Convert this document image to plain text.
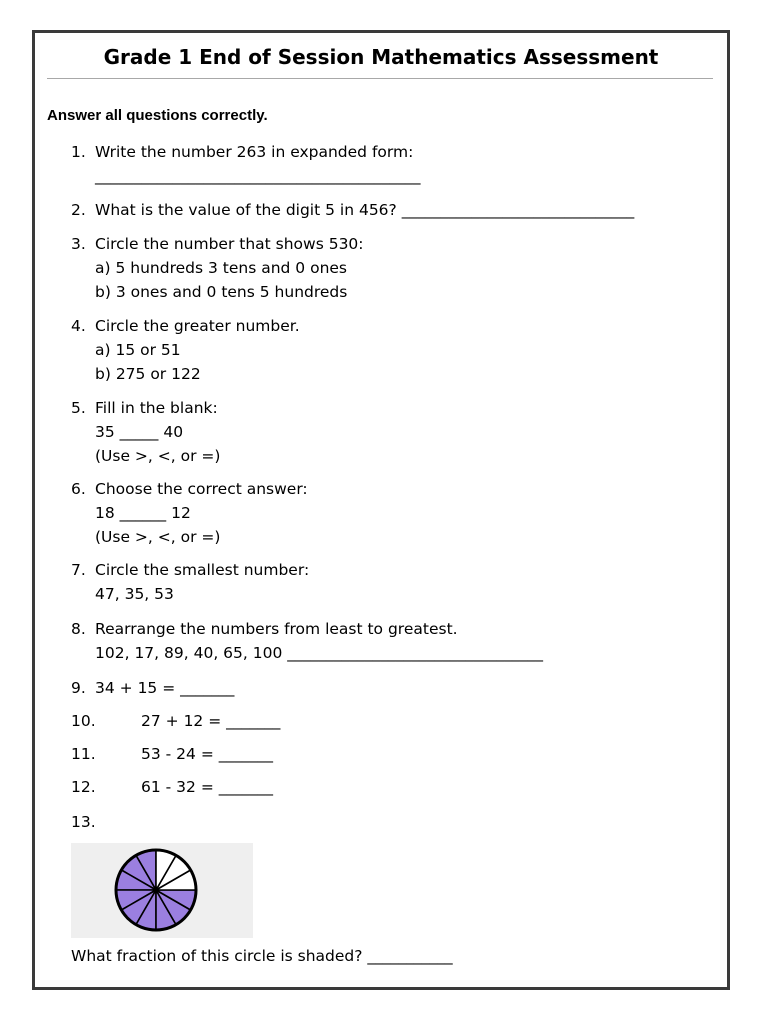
Grade 1 End of Session Mathematics Assessment
Answer all questions correctly.
1. Write the number 263 in expanded form:
__________________________________________
2. What is the value of the digit 5 in 456? ______________________________
3. Circle the number that shows 530:
a) 5 hundreds 3 tens and 0 ones
b) 3 ones and 0 tens 5 hundreds
4. Circle the greater number.
a) 15 or 51
b) 275 or 122
5. Fill in the blank:
35 _____ 40
(Use >, <, or =)
6. Choose the correct answer:
18 ______ 12
(Use >, <, or =)
7. Circle the smallest number:
47, 35, 53
8. Rearrange the numbers from least to greatest.
102, 17, 89, 40, 65, 100 _________________________________
9. 34 + 15 = _______
10.	27 + 12 = _______
11.	53 - 24 = _______
12.	61 - 32 = _______
13.
What fraction of this circle is shaded? ___________
